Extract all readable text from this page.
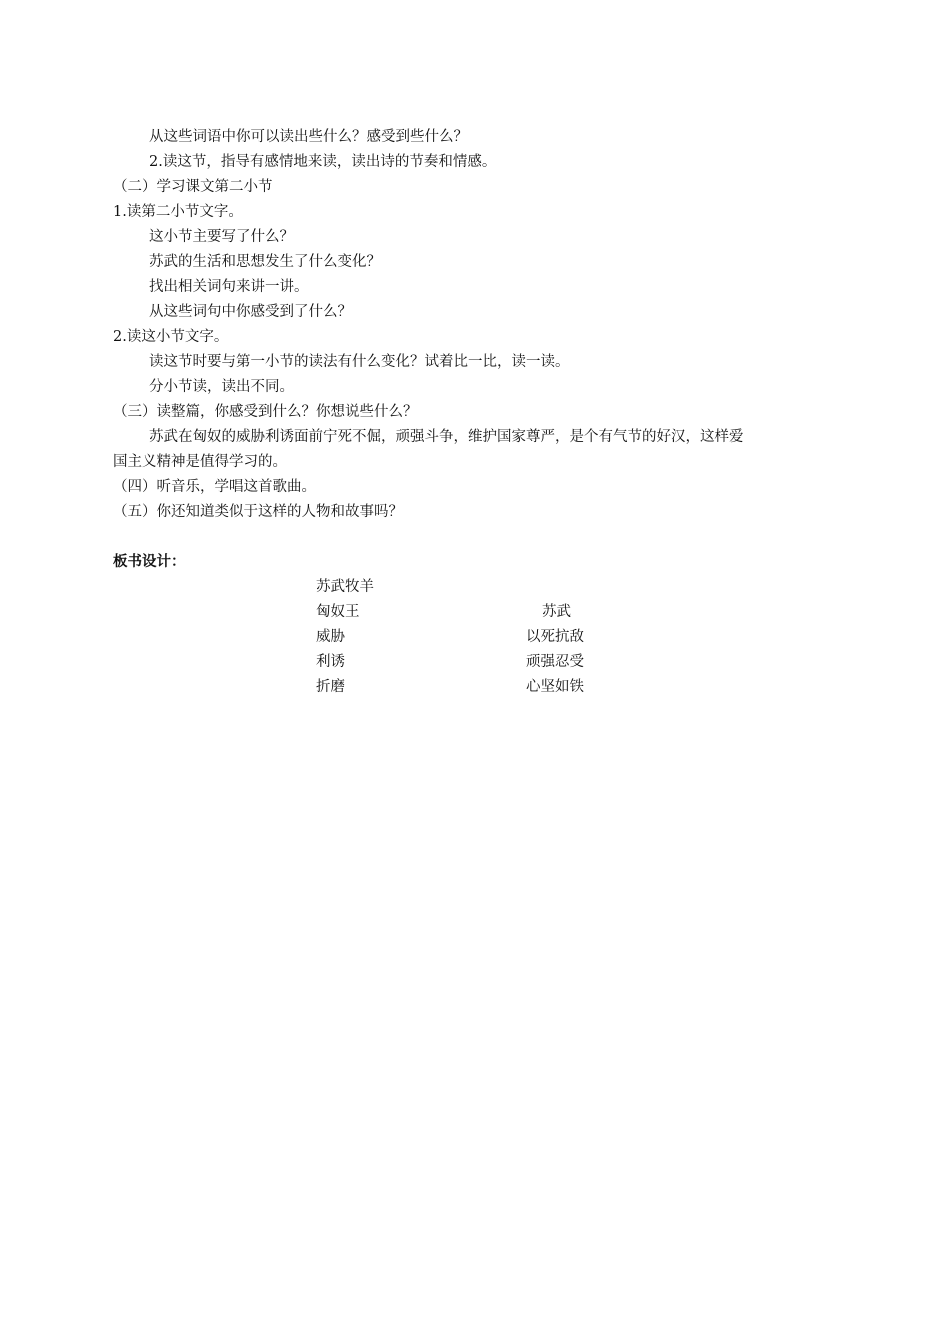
从这些词语中你可以读出些什么？感受到些什么？
2.读这节，指导有感情地来读，读出诗的节奏和情感。
（二）学习课文第二小节
1.读第二小节文字。
这小节主要写了什么？
苏武的生活和思想发生了什么变化？
找出相关词句来讲一讲。
从这些词句中你感受到了什么？
2.读这小节文字。
读这节时要与第一小节的读法有什么变化？试着比一比，读一读。
分小节读，读出不同。
（三）读整篇，你感受到什么？你想说些什么？
苏武在匈奴的威胁利诱面前宁死不倔，顽强斗争，维护国家尊严，是个有气节的好汉，这样爱
国主义精神是值得学习的。
（四）听音乐，学唱这首歌曲。
（五）你还知道类似于这样的人物和故事吗？
板书设计：
苏武牧羊
匈奴王
威胁
利诱
折磨
苏武
以死抗敌
顽强忍受
心坚如铁
